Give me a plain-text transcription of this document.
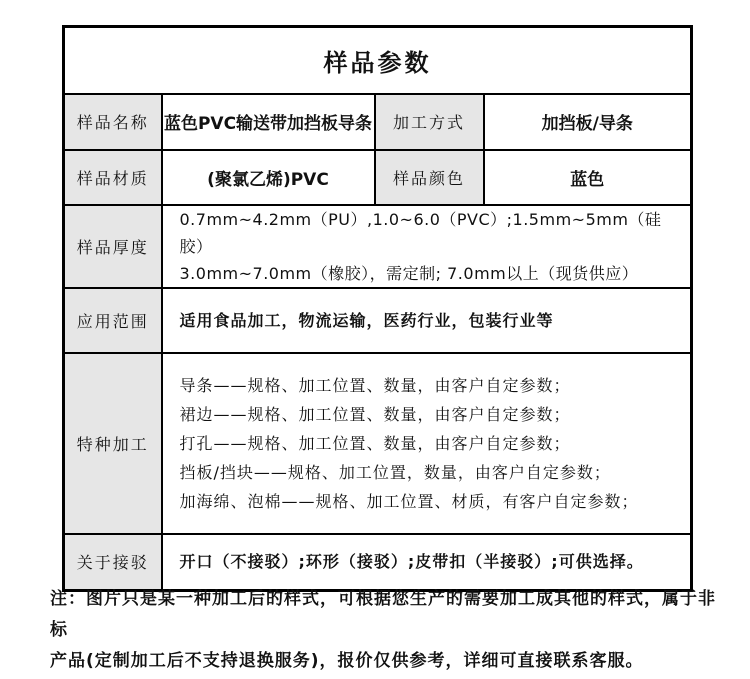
样品参数			
样品名称	蓝色PVC输送带加挡板导条	加工方式	加挡板/导条
样品材质	(聚氯乙烯)PVC	样品颜色	蓝色
样品厚度	0.7mm~4.2mm（PU）,1.0~6.0（PVC）;1.5mm~5mm（硅胶）
3.0mm~7.0mm（橡胶），需定制; 7.0mm以上（现货供应）		

应用范围	适用食品加工，物流运输，医药行业，包装行业等		
特种加工	导条——规格、加工位置、数量，由客户自定参数；
裙边——规格、加工位置、数量，由客户自定参数；
打孔——规格、加工位置、数量，由客户自定参数；
挡板/挡块——规格、加工位置，数量，由客户自定参数；
加海绵、泡棉——规格、加工位置、材质，有客户自定参数；		

关于接驳	开口（不接驳）;环形（接驳）;皮带扣（半接驳）;可供选择。		
注：图片只是某一种加工后的样式，可根据您生产的需要加工成其他的样式，属于非标
产品(定制加工后不支持退换服务)，报价仅供参考，详细可直接联系客服。
